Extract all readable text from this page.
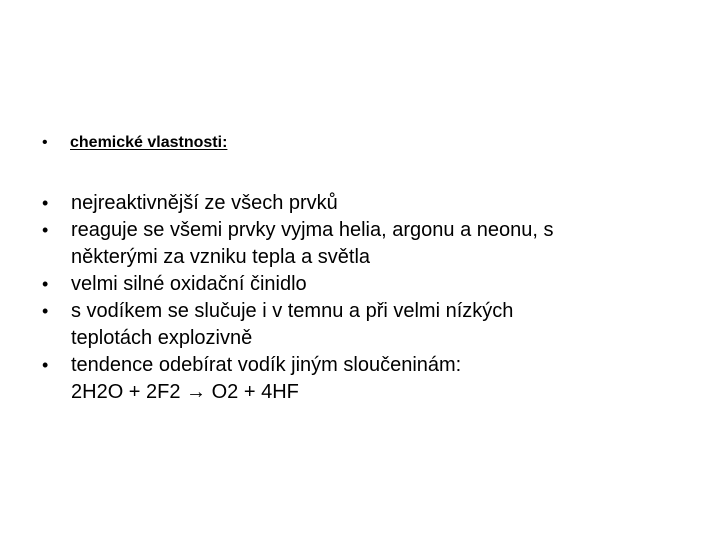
•	chemické vlastnosti:
•	nejreaktivnější ze všech prvků
•	reaguje se všemi prvky vyjma helia, argonu a neonu, s
některými za vzniku tepla a světla
•	velmi silné oxidační činidlo
•	s vodíkem se slučuje i v temnu a při velmi nízkých
teplotách explozivně
•	tendence odebírat vodík jiným sloučeninám:
2H2O + 2F2 → O2 + 4HF
